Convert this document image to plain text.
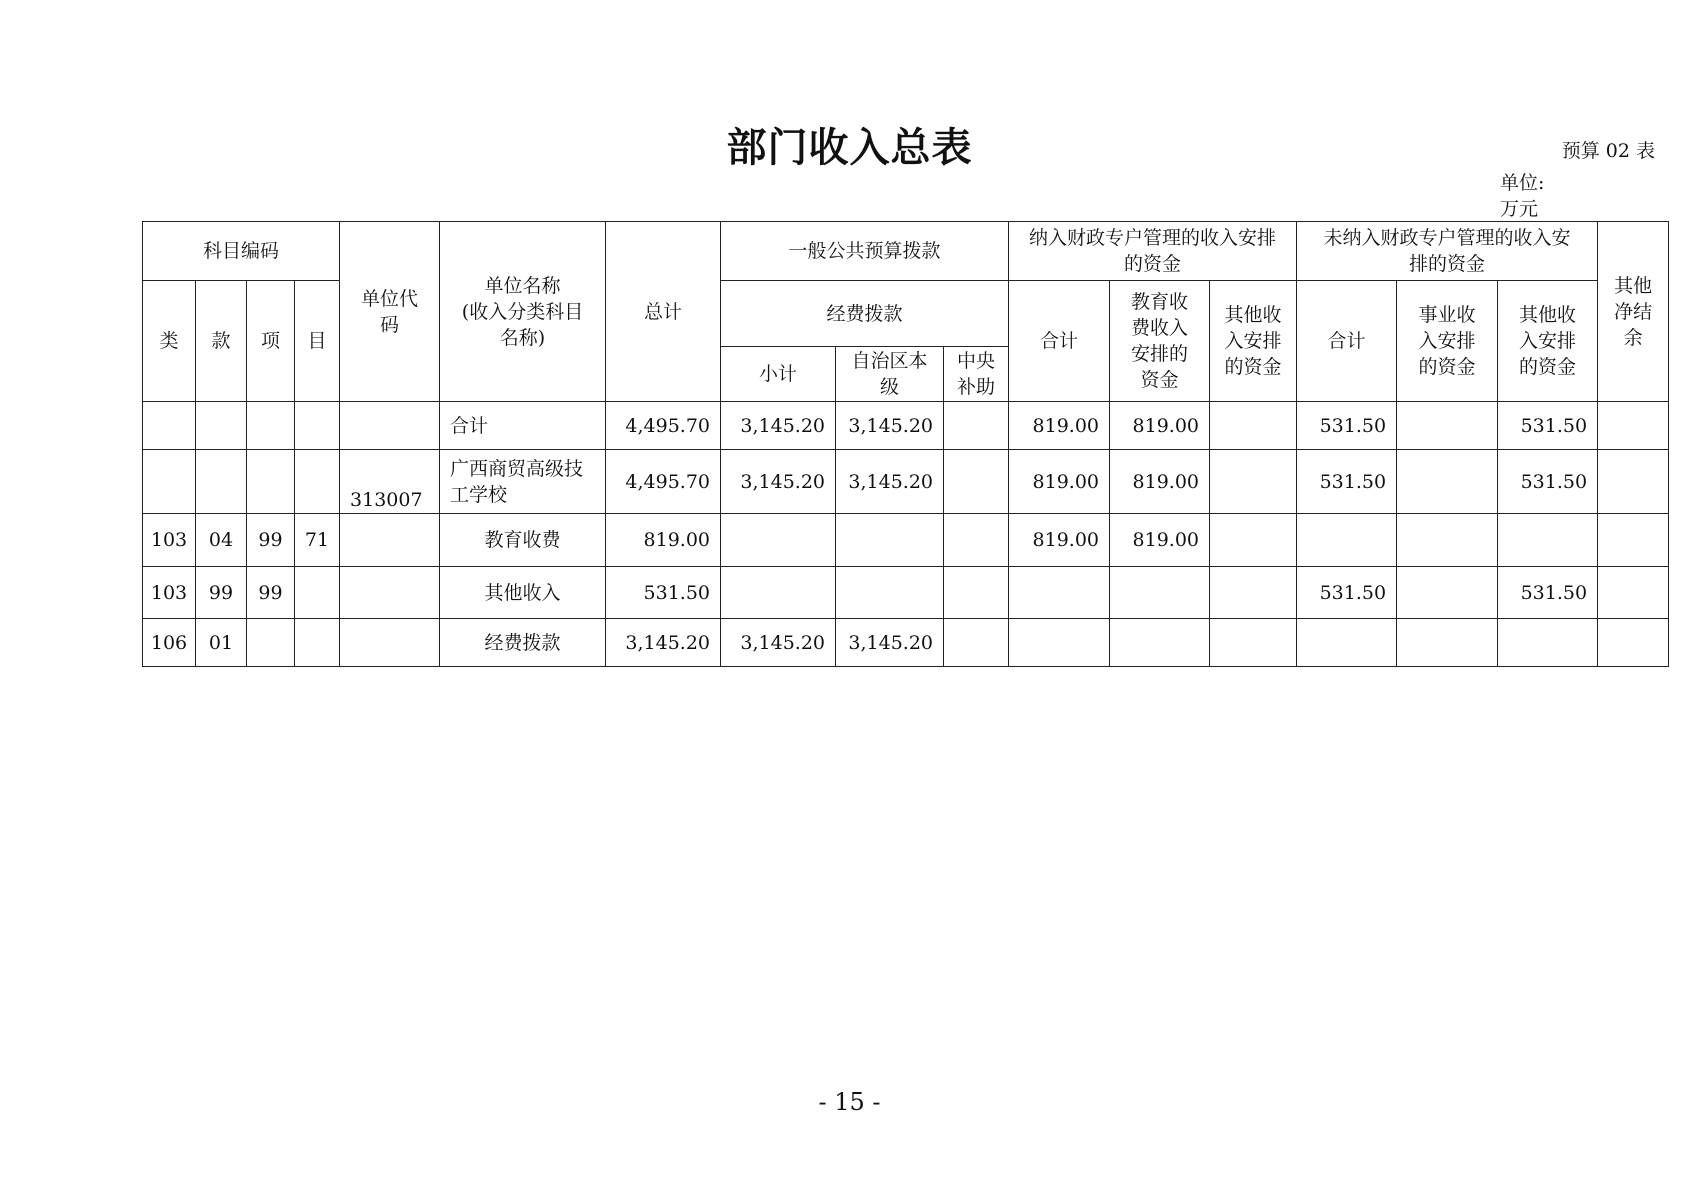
部门收入总表	预算 02 表
单位:
万元
科目编码				单位代
码	单位名称
(收入分类科目
名称)	总计	一般公共预算拨款			纳入财政专户管理的收入安排
的资金			未纳入财政专户管理的收入安
排的资金			其他
净结
余
类	款	项	目				经费拨款			合计	教育收
费收入
安排的
资金	其他收
入安排
的资金	合计	事业收
入安排
的资金	其他收
入安排
的资金	
							小计	自治区本
级	中央
补助							
					合计	4,495.70	3,145.20	3,145.20		819.00	819.00		531.50		531.50	
				313007	广西商贸高级技工学校	4,495.70	3,145.20	3,145.20		819.00	819.00		531.50		531.50	
103	04	99	71		教育收费	819.00				819.00	819.00					
103	99	99			其他收入	531.50							531.50		531.50	
106	01				经费拨款	3,145.20	3,145.20	3,145.20								
- 15 -
